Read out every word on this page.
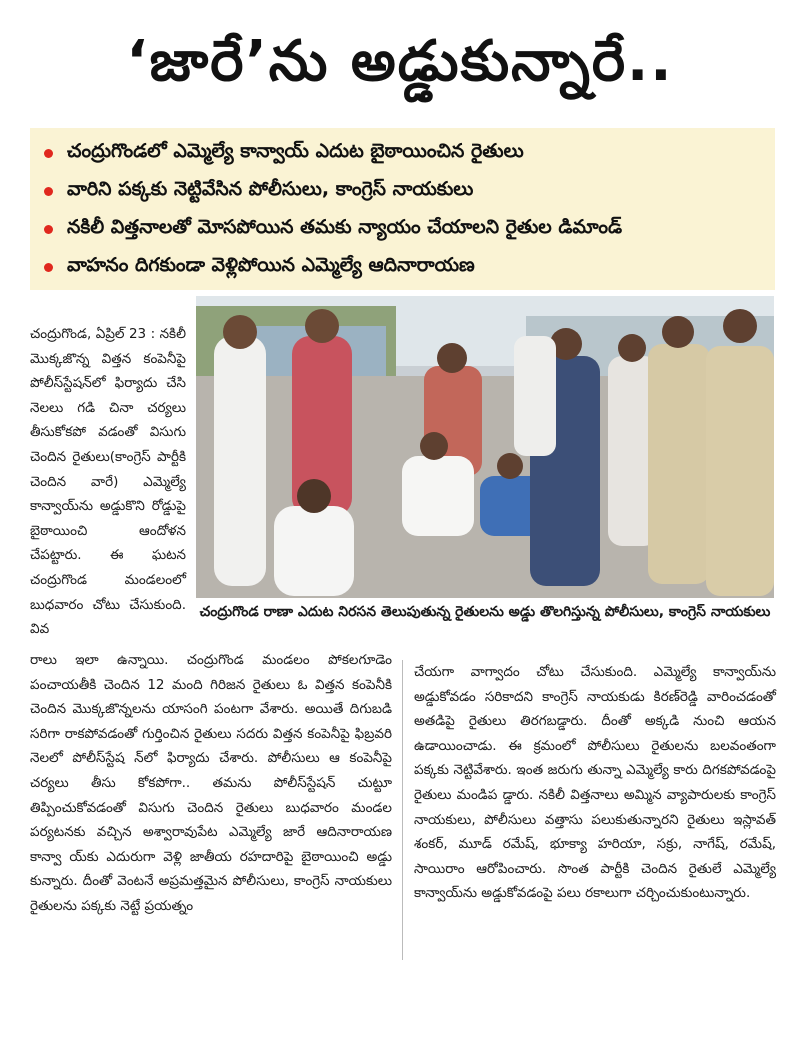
‘జారే’ను అడ్డుకున్నారే..
చంద్రుగొండలో ఎమ్మెల్యే కాన్వాయ్ ఎదుట బైఠాయించిన రైతులు
వారిని పక్కకు నెట్టివేసిన పోలీసులు, కాంగ్రెస్ నాయకులు
నకిలీ విత్తనాలతో మోసపోయిన తమకు న్యాయం చేయాలని రైతుల డిమాండ్
వాహనం దిగకుండా వెళ్లిపోయిన ఎమ్మెల్యే ఆదినారాయణ

చంద్రుగొండ, ఏప్రిల్ 23 : నకిలీ మొక్కజొన్న విత్తన కంపెనీపై పోలీస్‌స్టేషన్‌లో ఫిర్యాదు చేసి నెలలు గడి చినా చర్యలు తీసుకోకపో వడంతో విసుగు చెందిన రైతులు(కాంగ్రెస్ పార్టీకి చెందిన వారే) ఎమ్మెల్యే కాన్వాయ్‌ను అడ్డుకొని రోడ్డుపై బైఠాయించి ఆందోళన చేపట్టారు. ఈ ఘటన చంద్రుగొండ మండలంలో బుధవారం చోటు చేసుకుంది. వివ

చంద్రుగొండ రాణా ఎదుట నిరసన తెలుపుతున్న రైతులను అడ్డు తొలగిస్తున్న పోలీసులు, కాంగ్రెస్ నాయకులు

రాలు ఇలా ఉన్నాయి. చంద్రుగొండ మండలం పోకలగూడెం పంచాయతీకి చెందిన 12 మంది గిరిజన రైతులు ఓ విత్తన కంపెనీకి చెందిన మొక్కజొన్నలను యాసంగి పంటగా వేశారు. అయితే దిగుబడి సరిగా రాకపోవడంతో గుర్తించిన రైతులు సదరు విత్తన కంపెనీపై ఫిబ్రవరి నెలలో పోలీస్‌స్టేష న్‌లో ఫిర్యాదు చేశారు. పోలీసులు ఆ కంపెనీపై చర్యలు తీసు కోకపోగా.. తమను పోలీస్‌స్టేషన్ చుట్టూ తిప్పించుకోవడంతో విసుగు చెందిన రైతులు బుధవారం మండల పర్యటనకు వచ్చిన అశ్వారావుపేట ఎమ్మెల్యే జారే ఆదినారాయణ కాన్వా య్‌కు ఎదురుగా వెళ్లి జాతీయ రహదారిపై బైఠాయించి అడ్డు కున్నారు. దీంతో వెంటనే అప్రమత్తమైన పోలీసులు, కాంగ్రెస్ నాయకులు రైతులను పక్కకు నెట్టే ప్రయత్నం

చేయగా వాగ్వాదం చోటు చేసుకుంది. ఎమ్మెల్యే కాన్వాయ్‌ను అడ్డుకోవడం సరికాదని కాంగ్రెస్ నాయకుడు కిరణ్‌రెడ్డి వారించడంతో అతడిపై రైతులు తిరగబడ్డారు. దీంతో అక్కడి నుంచి ఆయన ఉడాయించాడు. ఈ క్రమంలో పోలీసులు రైతులను బలవంతంగా పక్కకు నెట్టివేశారు. ఇంత జరుగు తున్నా ఎమ్మెల్యే కారు దిగకపోవడంపై రైతులు మండిప డ్డారు. నకిలీ విత్తనాలు అమ్మిన వ్యాపారులకు కాంగ్రెస్ నాయకులు, పోలీసులు వత్తాసు పలుకుతున్నారని రైతులు ఇస్లావత్ శంకర్, మూడ్ రమేష్, భూక్యా హరియా, సక్రు, నాగేష్, రమేష్, సాయిరాం ఆరోపించారు. సొంత పార్టీకి చెందిన రైతులే ఎమ్మెల్యే కాన్వాయ్‌ను అడ్డుకోవడంపై పలు రకాలుగా చర్చించుకుంటున్నారు.
